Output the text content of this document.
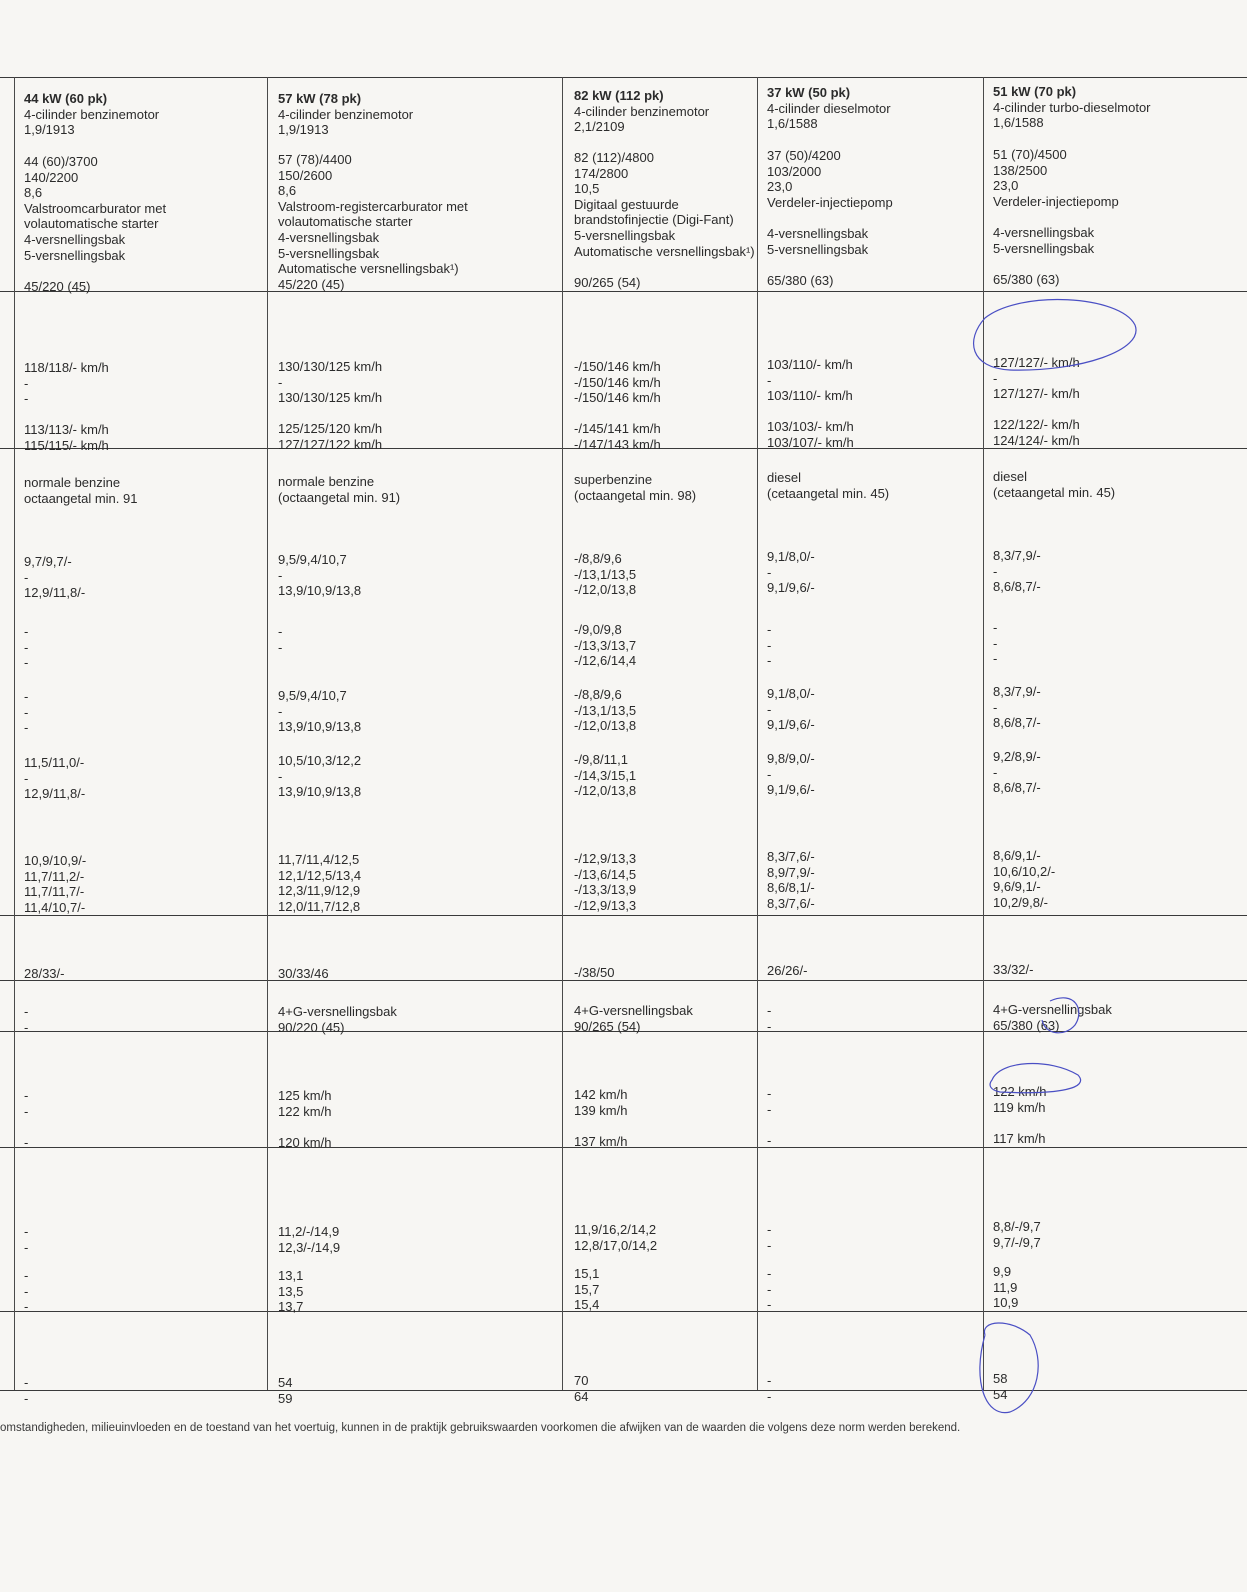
44 kW (60 pk)
4-cilinder benzinemotor
1,9/1913
44 (60)/3700
140/2200
8,6
Valstroomcarburator met
volautomatische starter
4-versnellingsbak
5-versnellingsbak
45/220 (45)
118/118/- km/h
-
-
113/113/- km/h
115/115/- km/h
normale benzine
octaangetal min. 91
9,7/9,7/-
-
12,9/11,8/-
-
-
-
-
-
-
11,5/11,0/-
-
12,9/11,8/-
10,9/10,9/-
11,7/11,2/-
11,7/11,7/-
11,4/10,7/-
28/33/-
-
-
-
-
-
-
-
-
-
-
-
-
57 kW (78 pk)
4-cilinder benzinemotor
1,9/1913
57 (78)/4400
150/2600
8,6
Valstroom-registercarburator met
volautomatische starter
4-versnellingsbak
5-versnellingsbak
Automatische versnellingsbak¹)
45/220 (45)
130/130/125 km/h
-
130/130/125 km/h
125/125/120 km/h
127/127/122 km/h
normale benzine
(octaangetal min. 91)
9,5/9,4/10,7
-
13,9/10,9/13,8
-
-
9,5/9,4/10,7
-
13,9/10,9/13,8
10,5/10,3/12,2
-
13,9/10,9/13,8
11,7/11,4/12,5
12,1/12,5/13,4
12,3/11,9/12,9
12,0/11,7/12,8
30/33/46
4+G-versnellingsbak
90/220 (45)
125 km/h
122 km/h
120 km/h
11,2/-/14,9
12,3/-/14,9
13,1
13,5
13,7
54
59
82 kW (112 pk)
4-cilinder benzinemotor
2,1/2109
82 (112)/4800
174/2800
10,5
Digitaal gestuurde
brandstofinjectie (Digi-Fant)
5-versnellingsbak
Automatische versnellingsbak¹)
90/265 (54)
-/150/146 km/h
-/150/146 km/h
-/150/146 km/h
-/145/141 km/h
-/147/143 km/h
superbenzine
(octaangetal min. 98)
-/8,8/9,6
-/13,1/13,5
-/12,0/13,8
-/9,0/9,8
-/13,3/13,7
-/12,6/14,4
-/8,8/9,6
-/13,1/13,5
-/12,0/13,8
-/9,8/11,1
-/14,3/15,1
-/12,0/13,8
-/12,9/13,3
-/13,6/14,5
-/13,3/13,9
-/12,9/13,3
-/38/50
4+G-versnellingsbak
90/265 (54)
142 km/h
139 km/h
137 km/h
11,9/16,2/14,2
12,8/17,0/14,2
15,1
15,7
15,4
70
64
37 kW (50 pk)
4-cilinder dieselmotor
1,6/1588
37 (50)/4200
103/2000
23,0
Verdeler-injectiepomp
4-versnellingsbak
5-versnellingsbak
65/380 (63)
103/110/- km/h
-
103/110/- km/h
103/103/- km/h
103/107/- km/h
diesel
(cetaangetal min. 45)
9,1/8,0/-
-
9,1/9,6/-
-
-
-
9,1/8,0/-
-
9,1/9,6/-
9,8/9,0/-
-
9,1/9,6/-
8,3/7,6/-
8,9/7,9/-
8,6/8,1/-
8,3/7,6/-
26/26/-
-
-
-
-
-
-
-
-
-
-
-
-
51 kW (70 pk)
4-cilinder turbo-dieselmotor
1,6/1588
51 (70)/4500
138/2500
23,0
Verdeler-injectiepomp
4-versnellingsbak
5-versnellingsbak
65/380 (63)
127/127/- km/h
-
127/127/- km/h
122/122/- km/h
124/124/- km/h
diesel
(cetaangetal min. 45)
8,3/7,9/-
-
8,6/8,7/-
-
-
-
8,3/7,9/-
-
8,6/8,7/-
9,2/8,9/-
-
8,6/8,7/-
8,6/9,1/-
10,6/10,2/-
9,6/9,1/-
10,2/9,8/-
33/32/-
4+G-versnellingsbak
65/380 (63)
122 km/h
119 km/h
117 km/h
8,8/-/9,7
9,7/-/9,7
9,9
11,9
10,9
58
54
omstandigheden, milieuinvloeden en de toestand van het voertuig, kunnen in de praktijk gebruikswaarden voorkomen die afwijken van de waarden die volgens deze norm werden berekend.
